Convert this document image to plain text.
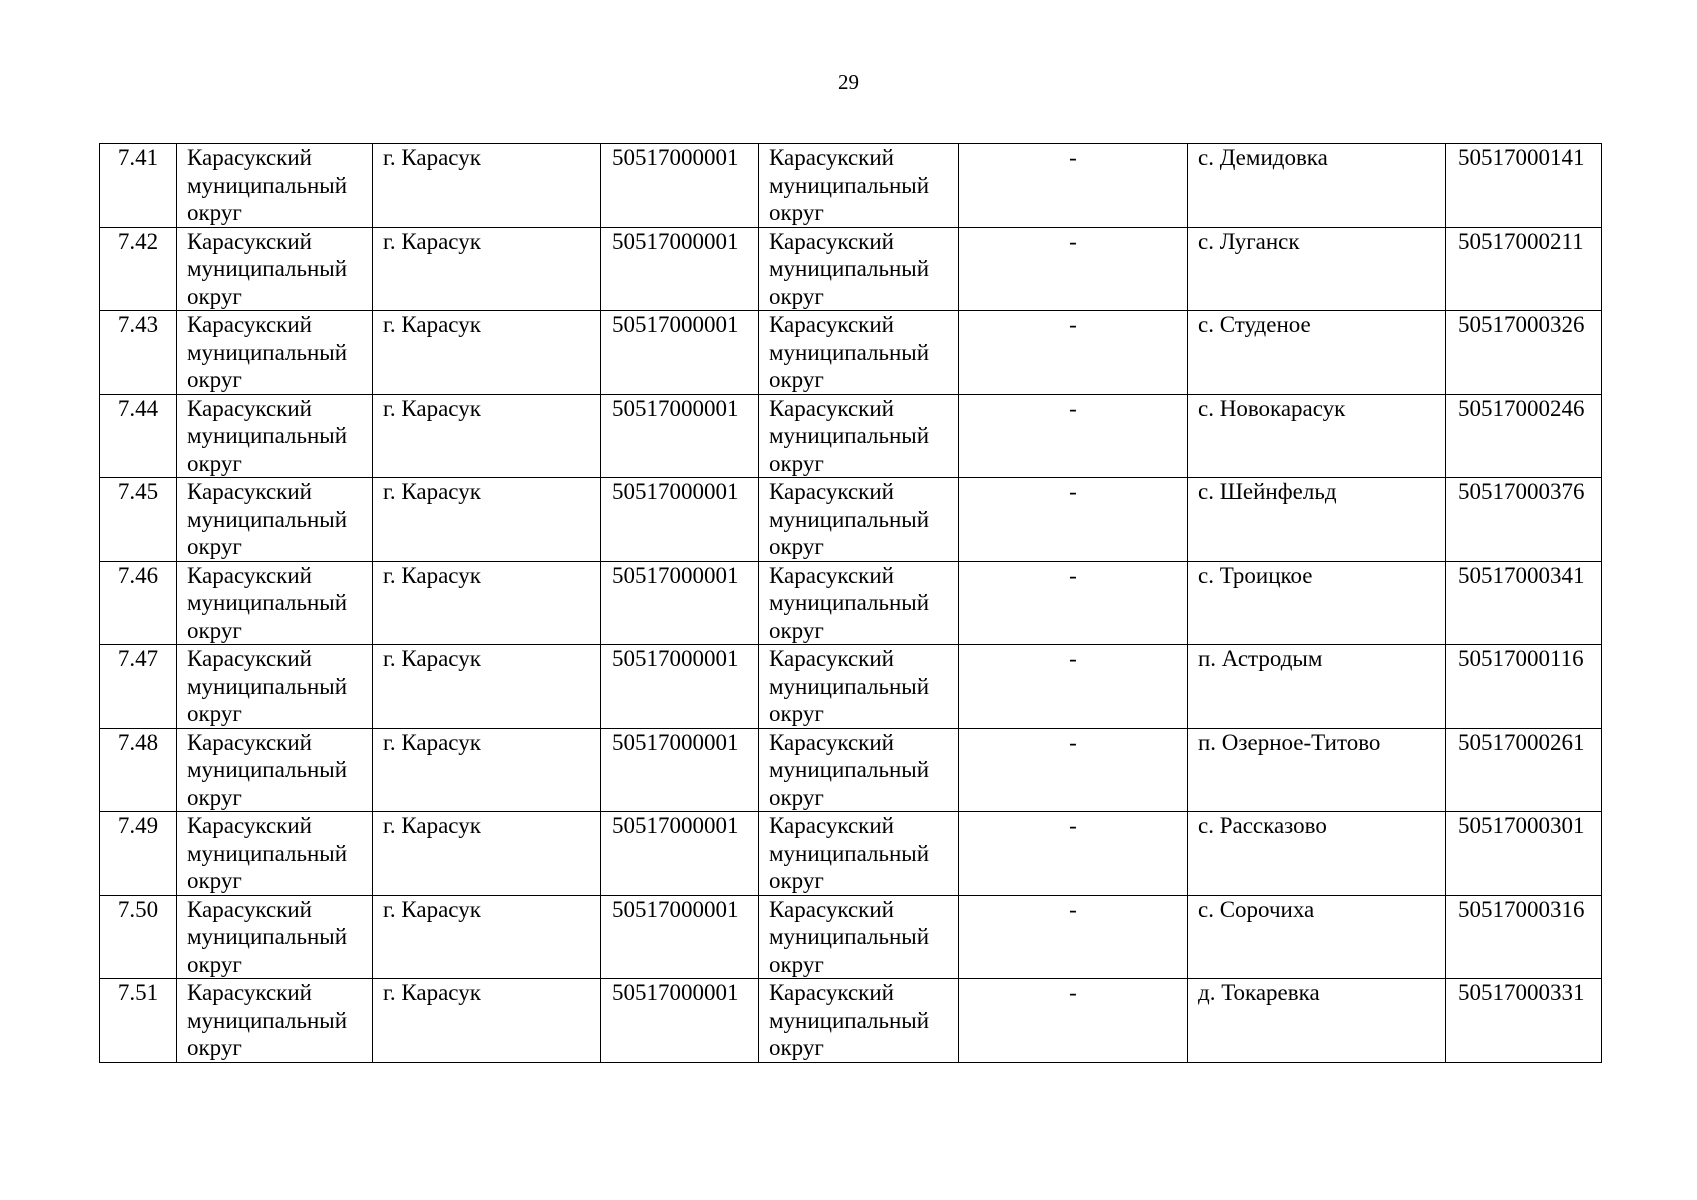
29
7.41	Карасукский муниципальный округ	г. Карасук	50517000001	Карасукский муниципальный округ	-	с. Демидовка	50517000141
7.42	Карасукский муниципальный округ	г. Карасук	50517000001	Карасукский муниципальный округ	-	с. Луганск	50517000211
7.43	Карасукский муниципальный округ	г. Карасук	50517000001	Карасукский муниципальный округ	-	с. Студеное	50517000326
7.44	Карасукский муниципальный округ	г. Карасук	50517000001	Карасукский муниципальный округ	-	с. Новокарасук	50517000246
7.45	Карасукский муниципальный округ	г. Карасук	50517000001	Карасукский муниципальный округ	-	с. Шейнфельд	50517000376
7.46	Карасукский муниципальный округ	г. Карасук	50517000001	Карасукский муниципальный округ	-	с. Троицкое	50517000341
7.47	Карасукский муниципальный округ	г. Карасук	50517000001	Карасукский муниципальный округ	-	п. Астродым	50517000116
7.48	Карасукский муниципальный округ	г. Карасук	50517000001	Карасукский муниципальный округ	-	п. Озерное-Титово	50517000261
7.49	Карасукский муниципальный округ	г. Карасук	50517000001	Карасукский муниципальный округ	-	с. Рассказово	50517000301
7.50	Карасукский муниципальный округ	г. Карасук	50517000001	Карасукский муниципальный округ	-	с. Сорочиха	50517000316
7.51	Карасукский муниципальный округ	г. Карасук	50517000001	Карасукский муниципальный округ	-	д. Токаревка	50517000331
